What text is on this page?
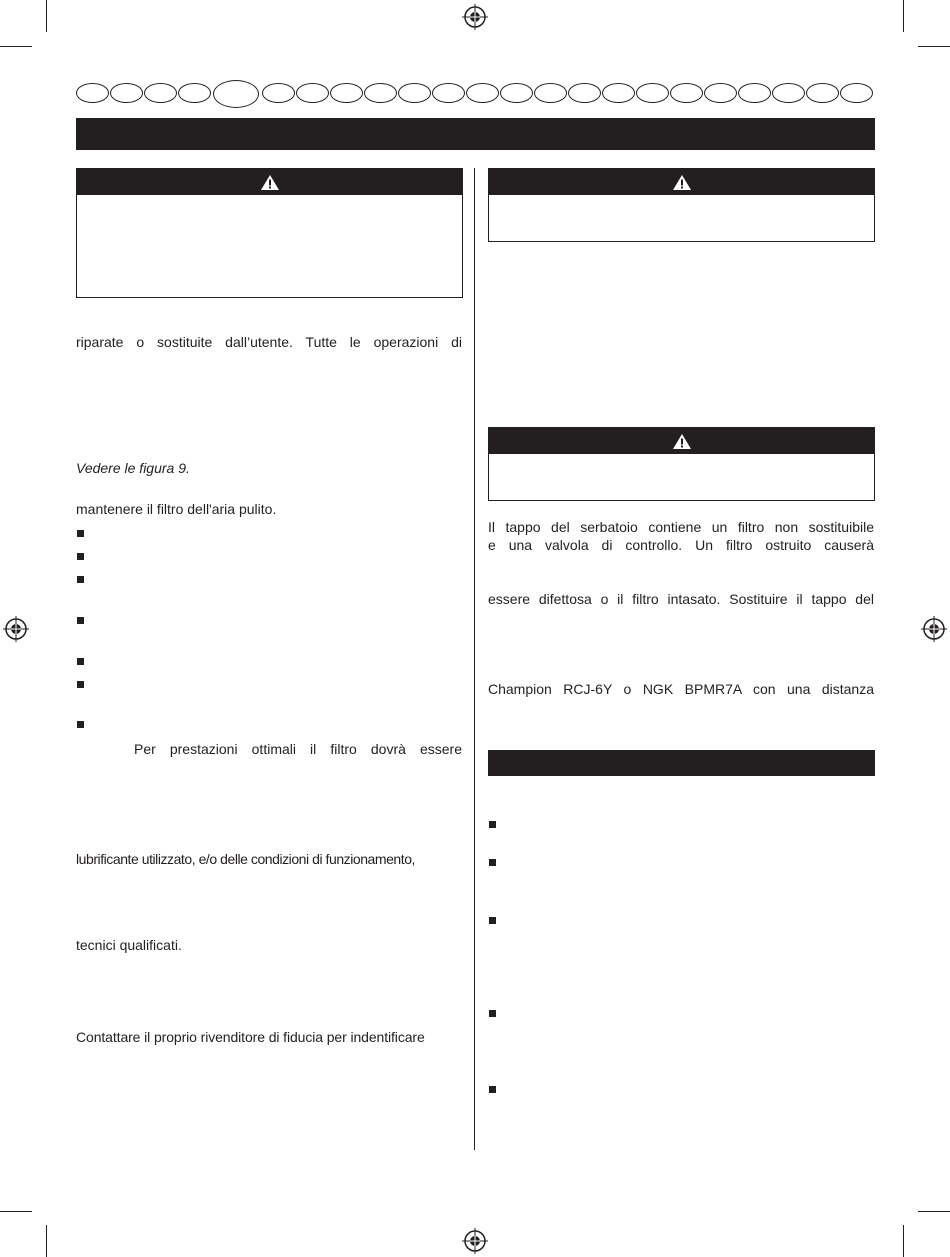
riparate o sostituite dall’utente. Tutte le operazioni di
Vedere le figura 9.
mantenere il filtro dell'aria pulito.
Per prestazioni ottimali il filtro dovrà essere
lubrificante utilizzato, e/o delle condizioni di funzionamento,
tecnici qualificati.
Contattare il proprio rivenditore di fiducia per indentificare
Il tappo del serbatoio contiene un filtro non sostituibile
e una valvola di controllo. Un filtro ostruito causerà
essere difettosa o il filtro intasato. Sostituire il tappo del
Champion RCJ-6Y o NGK BPMR7A con una distanza
